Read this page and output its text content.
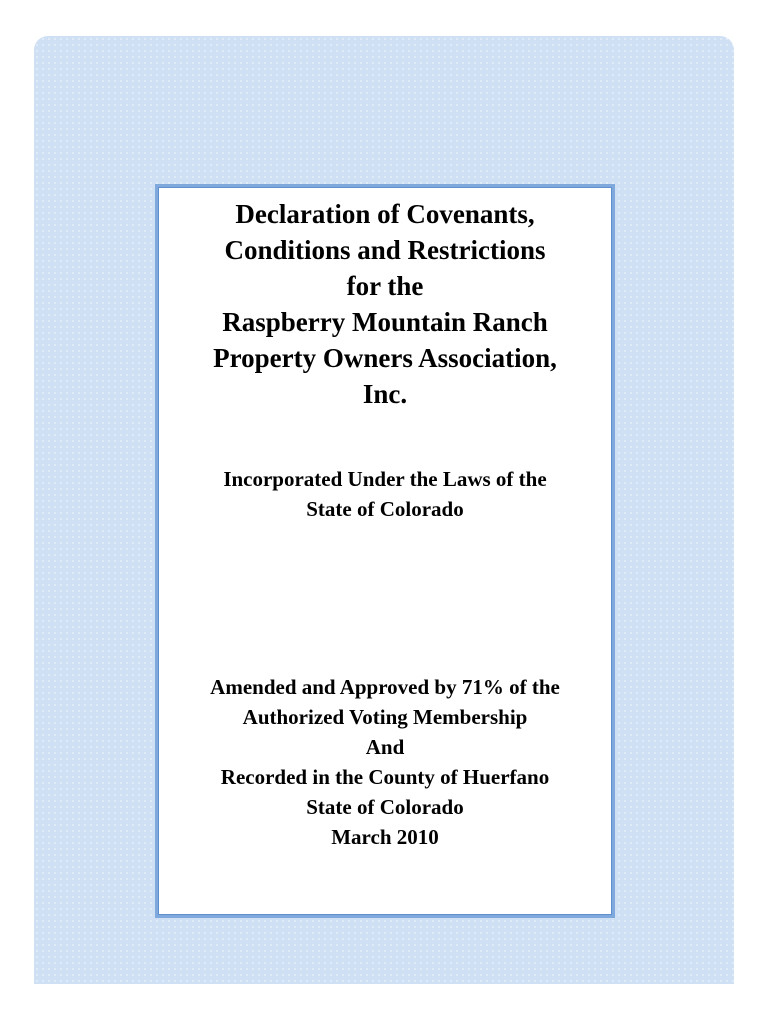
Declaration of Covenants,
Conditions and Restrictions
for the
Raspberry Mountain Ranch
Property Owners Association,
Inc.
Incorporated Under the Laws of the
State of Colorado
Amended and Approved by 71% of the
Authorized Voting Membership
And
Recorded in the County of Huerfano
State of Colorado
March 2010
